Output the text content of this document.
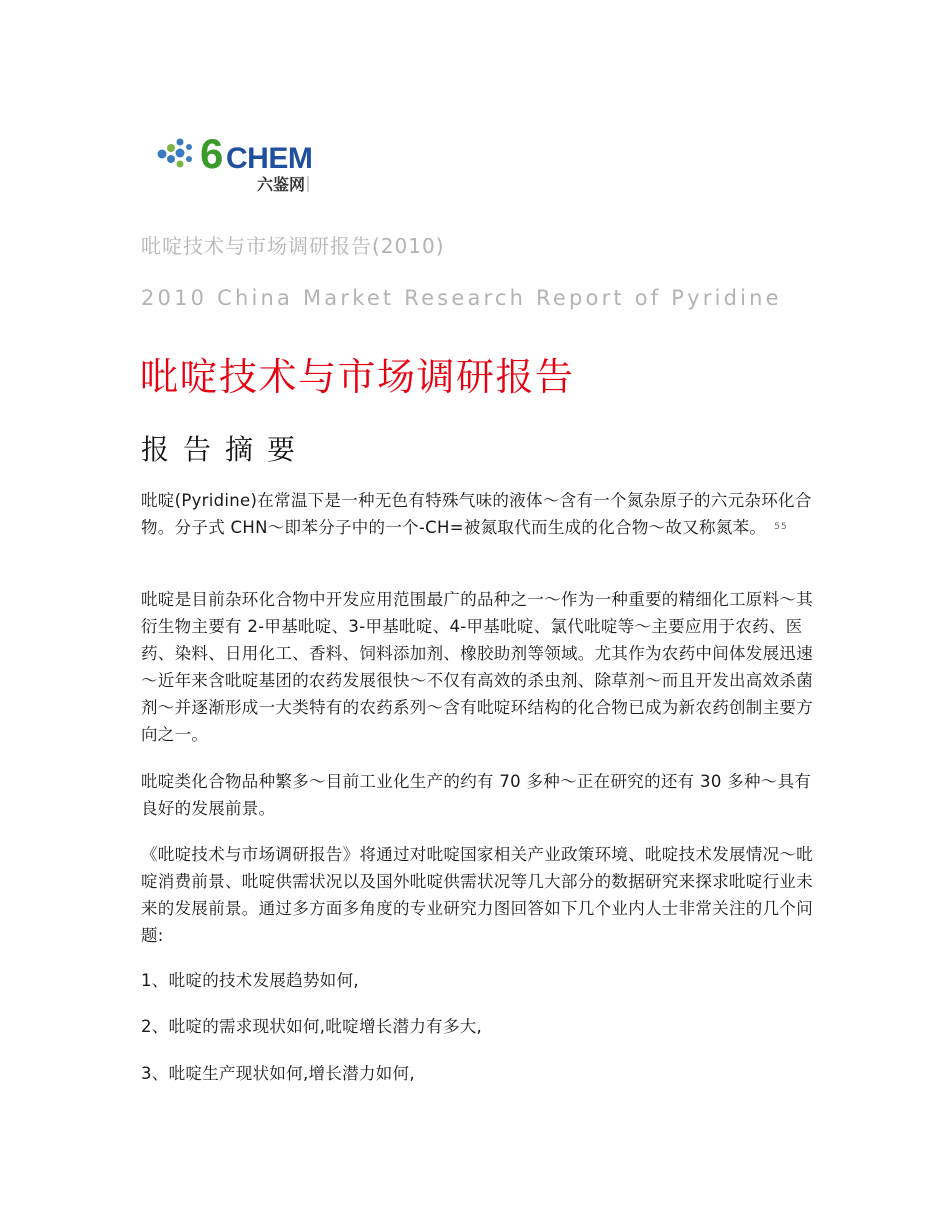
6 CHEM
六鉴网
吡啶技术与市场调研报告(2010)
2010 China Market Research Report of Pyridine
吡啶技术与市场调研报告
报告摘要

吡啶(Pyridine)在常温下是一种无色有特殊气味的液体～含有一个氮杂原子的六元杂环化合物。分子式 CHN～即苯分子中的一个-CH=被氮取代而生成的化合物～故又称氮苯。 $^{55}$

吡啶是目前杂环化合物中开发应用范围最广的品种之一～作为一种重要的精细化工原料～其衍生物主要有 2-甲基吡啶、3-甲基吡啶、4-甲基吡啶、氯代吡啶等～主要应用于农药、医药、染料、日用化工、香料、饲料添加剂、橡胶助剂等领域。尤其作为农药中间体发展迅速～近年来含吡啶基团的农药发展很快～不仅有高效的杀虫剂、除草剂～而且开发出高效杀菌剂～并逐渐形成一大类特有的农药系列～含有吡啶环结构的化合物已成为新农药创制主要方向之一。

吡啶类化合物品种繁多～目前工业化生产的约有 70 多种～正在研究的还有 30 多种～具有良好的发展前景。

《吡啶技术与市场调研报告》将通过对吡啶国家相关产业政策环境、吡啶技术发展情况～吡啶消费前景、吡啶供需状况以及国外吡啶供需状况等几大部分的数据研究来探求吡啶行业未来的发展前景。通过多方面多角度的专业研究力图回答如下几个业内人士非常关注的几个问题:

1、吡啶的技术发展趋势如何,

2、吡啶的需求现状如何,吡啶增长潜力有多大,

3、吡啶生产现状如何,增长潜力如何,
